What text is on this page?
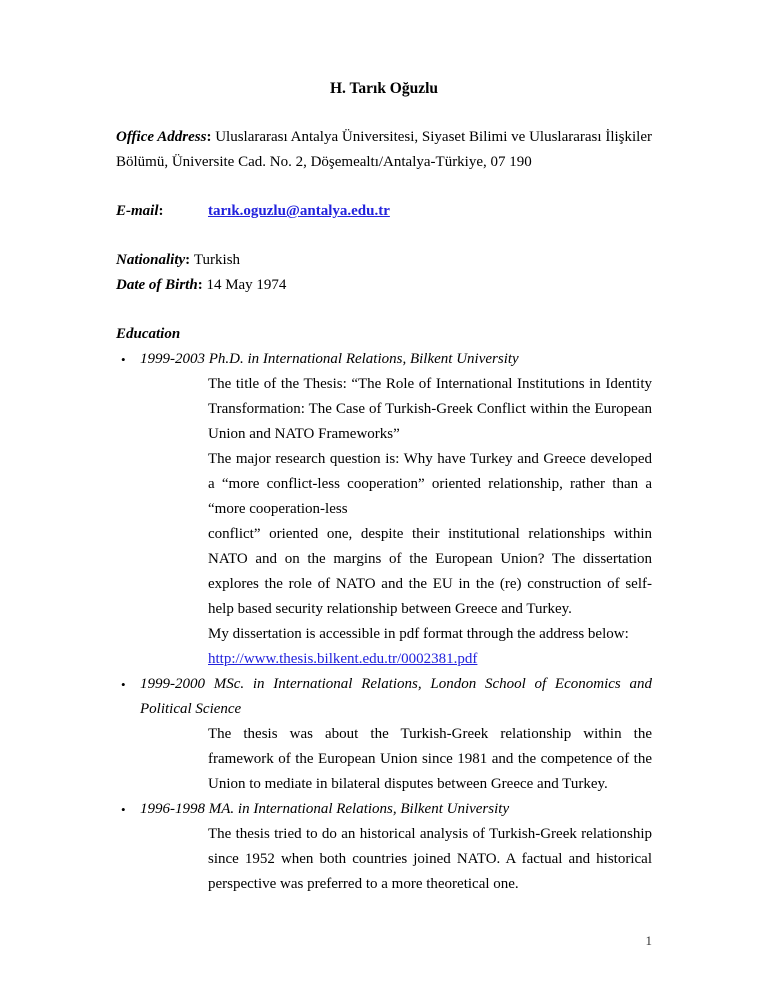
H. Tarık Oğuzlu

Office Address: Uluslararası Antalya Üniversitesi, Siyaset Bilimi ve Uluslararası İlişkiler Bölümü, Üniversite Cad. No. 2, Döşemealtı/Antalya-Türkiye, 07 190

E-mail:	tarık.oguzlu@antalya.edu.tr

Nationality: Turkish

Date of Birth: 14 May 1974

Education

• 1999-2003 Ph.D. in International Relations, Bilkent University

The title of the Thesis: “The Role of International Institutions in Identity Transformation: The Case of Turkish-Greek Conflict within the European Union and NATO Frameworks”

The major research question is: Why have Turkey and Greece developed a “more conflict-less cooperation” oriented relationship, rather than a “more cooperation-less

conflict” oriented one, despite their institutional relationships within NATO and on the margins of the European Union? The dissertation explores the role of NATO and the EU in the (re) construction of self-help based security relationship between Greece and Turkey.

My dissertation is accessible in pdf format through the address below:

http://www.thesis.bilkent.edu.tr/0002381.pdf

• 1999-2000 MSc. in International Relations, London School of Economics and Political Science

The thesis was about the Turkish-Greek relationship within the framework of the European Union since 1981 and the competence of the Union to mediate in bilateral disputes between Greece and Turkey.

• 1996-1998 MA. in International Relations, Bilkent University

The thesis tried to do an historical analysis of Turkish-Greek relationship since 1952 when both countries joined NATO. A factual and historical perspective was preferred to a more theoretical one.

1
